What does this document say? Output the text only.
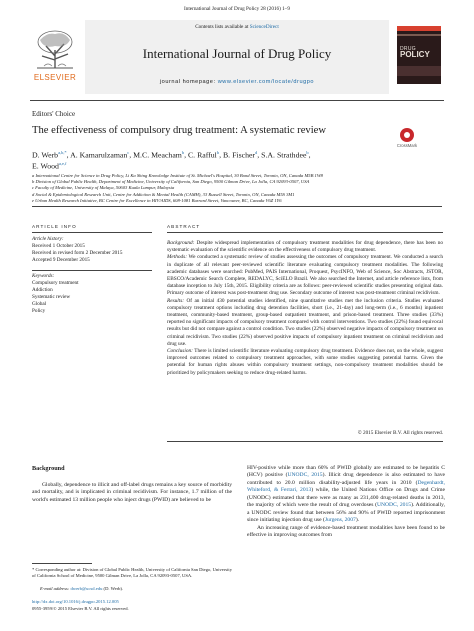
International Journal of Drug Policy 28 (2016) 1–9
ELSEVIER
Contents lists available at ScienceDirect
International Journal of Drug Policy
journal homepage: www.elsevier.com/locate/drugpo
DRUG
POLICY
Editors' Choice
The effectiveness of compulsory drug treatment: A systematic review
CrossMark
D. Werb$^{a,b,*}$, A. Kamarulzaman$^c$, M.C. Meacham$^b$, C. Rafful$^b$, B. Fischer$^d$, S.A. Strathdee$^b$,
E. Wood$^{a,e,f}$
a International Centre for Science in Drug Policy, Li Ka Shing Knowledge Institute of St. Michael's Hospital, 30 Bond Street, Toronto, ON, Canada M5B 1W8
b Division of Global Public Health, Department of Medicine, University of California, San Diego, 9500 Gilman Drive, La Jolla, CA 92093-0507, USA
c Faculty of Medicine, University of Malaya, 50603 Kuala Lumpur, Malaysia
d Social & Epidemiological Research Unit, Centre for Addiction & Mental Health (CAMH), 33 Russell Street, Toronto, ON, Canada M5S 3M1
e Urban Health Research Initiative, BC Centre for Excellence in HIV/AIDS, 608-1081 Burrard Street, Vancouver, BC, Canada V6Z 1Y6
ARTICLE INFO
Article history:
Received 1 October 2015
Received in revised form 2 December 2015
Accepted 9 December 2015
Keywords:
Compulsory treatment
Addiction
Systematic review
Global
Policy
ABSTRACT
Background: Despite widespread implementation of compulsory treatment modalities for drug dependence, there has been no systematic evaluation of the scientific evidence on the effectiveness of compulsory drug treatment.
Methods: We conducted a systematic review of studies assessing the outcomes of compulsory treatment. We conducted a search in duplicate of all relevant peer-reviewed scientific literature evaluating compulsory treatment modalities. The following academic databases were searched: PubMed, PAIS International, Proquest, PsycINFO, Web of Science, Soc Abstracts, JSTOR, EBSCO/Academic Search Complete, REDALYC, SciELO Brazil. We also searched the Internet, and article reference lists, from database inception to July 15th, 2015. Eligibility criteria are as follows: peer-reviewed scientific studies presenting original data. Primary outcome of interest was post-treatment drug use. Secondary outcome of interest was post-treatment criminal recidivism.
Results: Of an initial 430 potential studies identified, nine quantitative studies met the inclusion criteria. Studies evaluated compulsory treatment options including drug detention facilities, short (i.e., 21-day) and long-term (i.e., 6 months) inpatient treatment, community-based treatment, group-based outpatient treatment, and prison-based treatment. Three studies (33%) reported no significant impacts of compulsory treatment compared with control interventions. Two studies (22%) found equivocal results but did not compare against a control condition. Two studies (22%) observed negative impacts of compulsory treatment on criminal recidivism. Two studies (22%) observed positive impacts of compulsory inpatient treatment on criminal recidivism and drug use.
Conclusion: There is limited scientific literature evaluating compulsory drug treatment. Evidence does not, on the whole, suggest improved outcomes related to compulsory treatment approaches, with some studies suggesting potential harms. Given the potential for human rights abuses within compulsory treatment settings, non-compulsory treatment modalities should be prioritized by policymakers seeking to reduce drug-related harms.
© 2015 Elsevier B.V. All rights reserved.
Background
Globally, dependence to illicit and off-label drugs remains a key source of morbidity and mortality, and is implicated in criminal recidivism. For instance, 1.7 million of the world's estimated 13 million people who inject drugs (PWID) are believed to be
HIV-positive while more than 60% of PWID globally are estimated to be hepatitis C (HCV) positive (UNODC, 2015). Illicit drug dependence is also estimated to have contributed to 20.0 million disability-adjusted life years in 2010 (Degenhardt, Whiteford, & Ferrari, 2013) while, the United Nations Office on Drugs and Crime (UNODC) estimated that there were as many as 231,400 drug-related deaths in 2013, the majority of which were the result of drug overdoses (UNODC, 2015). Additionally, a UNODC review found that between 56% and 90% of PWID reported imprisonment since initiating injection drug use (Jurgens, 2007).
An increasing range of evidence-based treatment modalities have been found to be effective in improving outcomes from
* Corresponding author at: Division of Global Public Health, University of California San Diego, University of California School of Medicine, 9500 Gilman Drive, La Jolla, CA 92093-0507, USA.
E-mail address: dwerb@ucsd.edu (D. Werb).
http://dx.doi.org/10.1016/j.drugpo.2015.12.005
0955-3959/© 2015 Elsevier B.V. All rights reserved.
